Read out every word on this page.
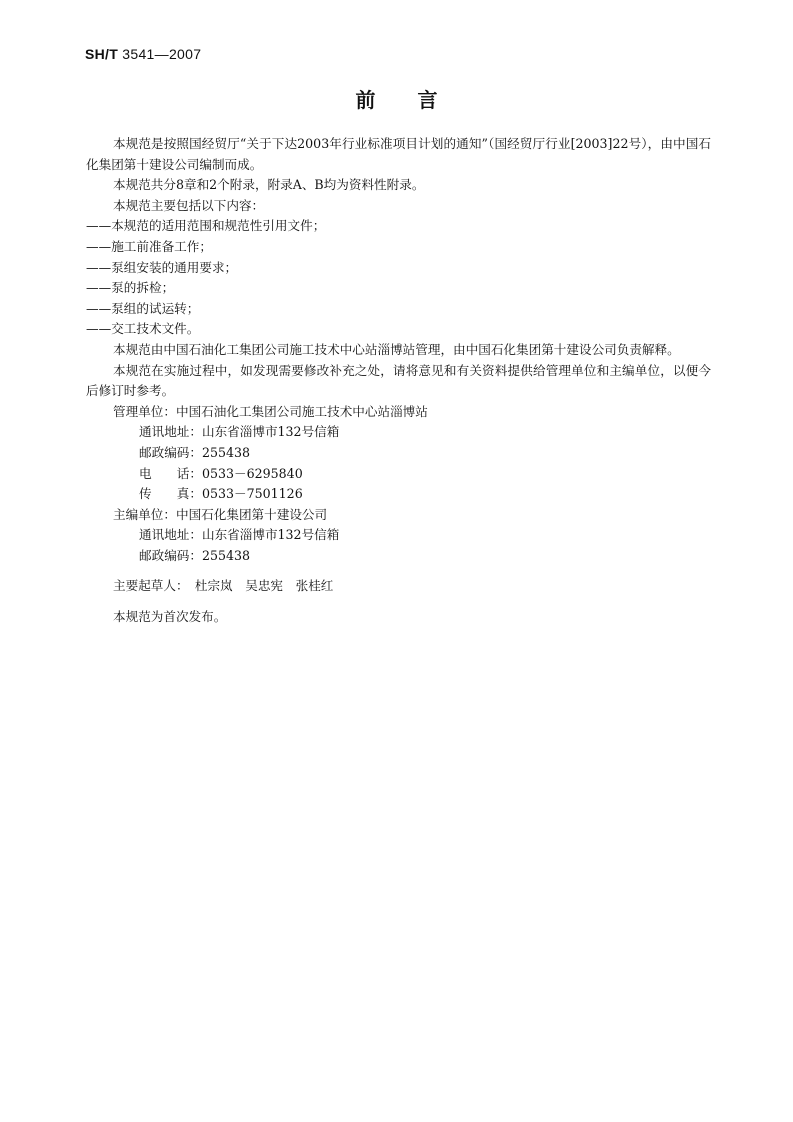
SH/T 3541—2007
前言

本规范是按照国经贸厅“关于下达2003年行业标准项目计划的通知”（国经贸厅行业[2003]22号），由中国石化集团第十建设公司编制而成。

本规范共分8章和2个附录，附录A、B均为资料性附录。

本规范主要包括以下内容：

——本规范的适用范围和规范性引用文件；

——施工前准备工作；

——泵组安装的通用要求；

——泵的拆检；

——泵组的试运转；

——交工技术文件。

本规范由中国石油化工集团公司施工技术中心站淄博站管理，由中国石化集团第十建设公司负责解释。

本规范在实施过程中，如发现需要修改补充之处，请将意见和有关资料提供给管理单位和主编单位，以便今后修订时参考。

管理单位：中国石油化工集团公司施工技术中心站淄博站

通讯地址：山东省淄博市132号信箱

邮政编码：255438

电　　话：0533－6295840

传　　真：0533－7501126

主编单位：中国石化集团第十建设公司

通讯地址：山东省淄博市132号信箱

邮政编码：255438

主要起草人：　杜宗岚　吴忠宪　张桂红

本规范为首次发布。
